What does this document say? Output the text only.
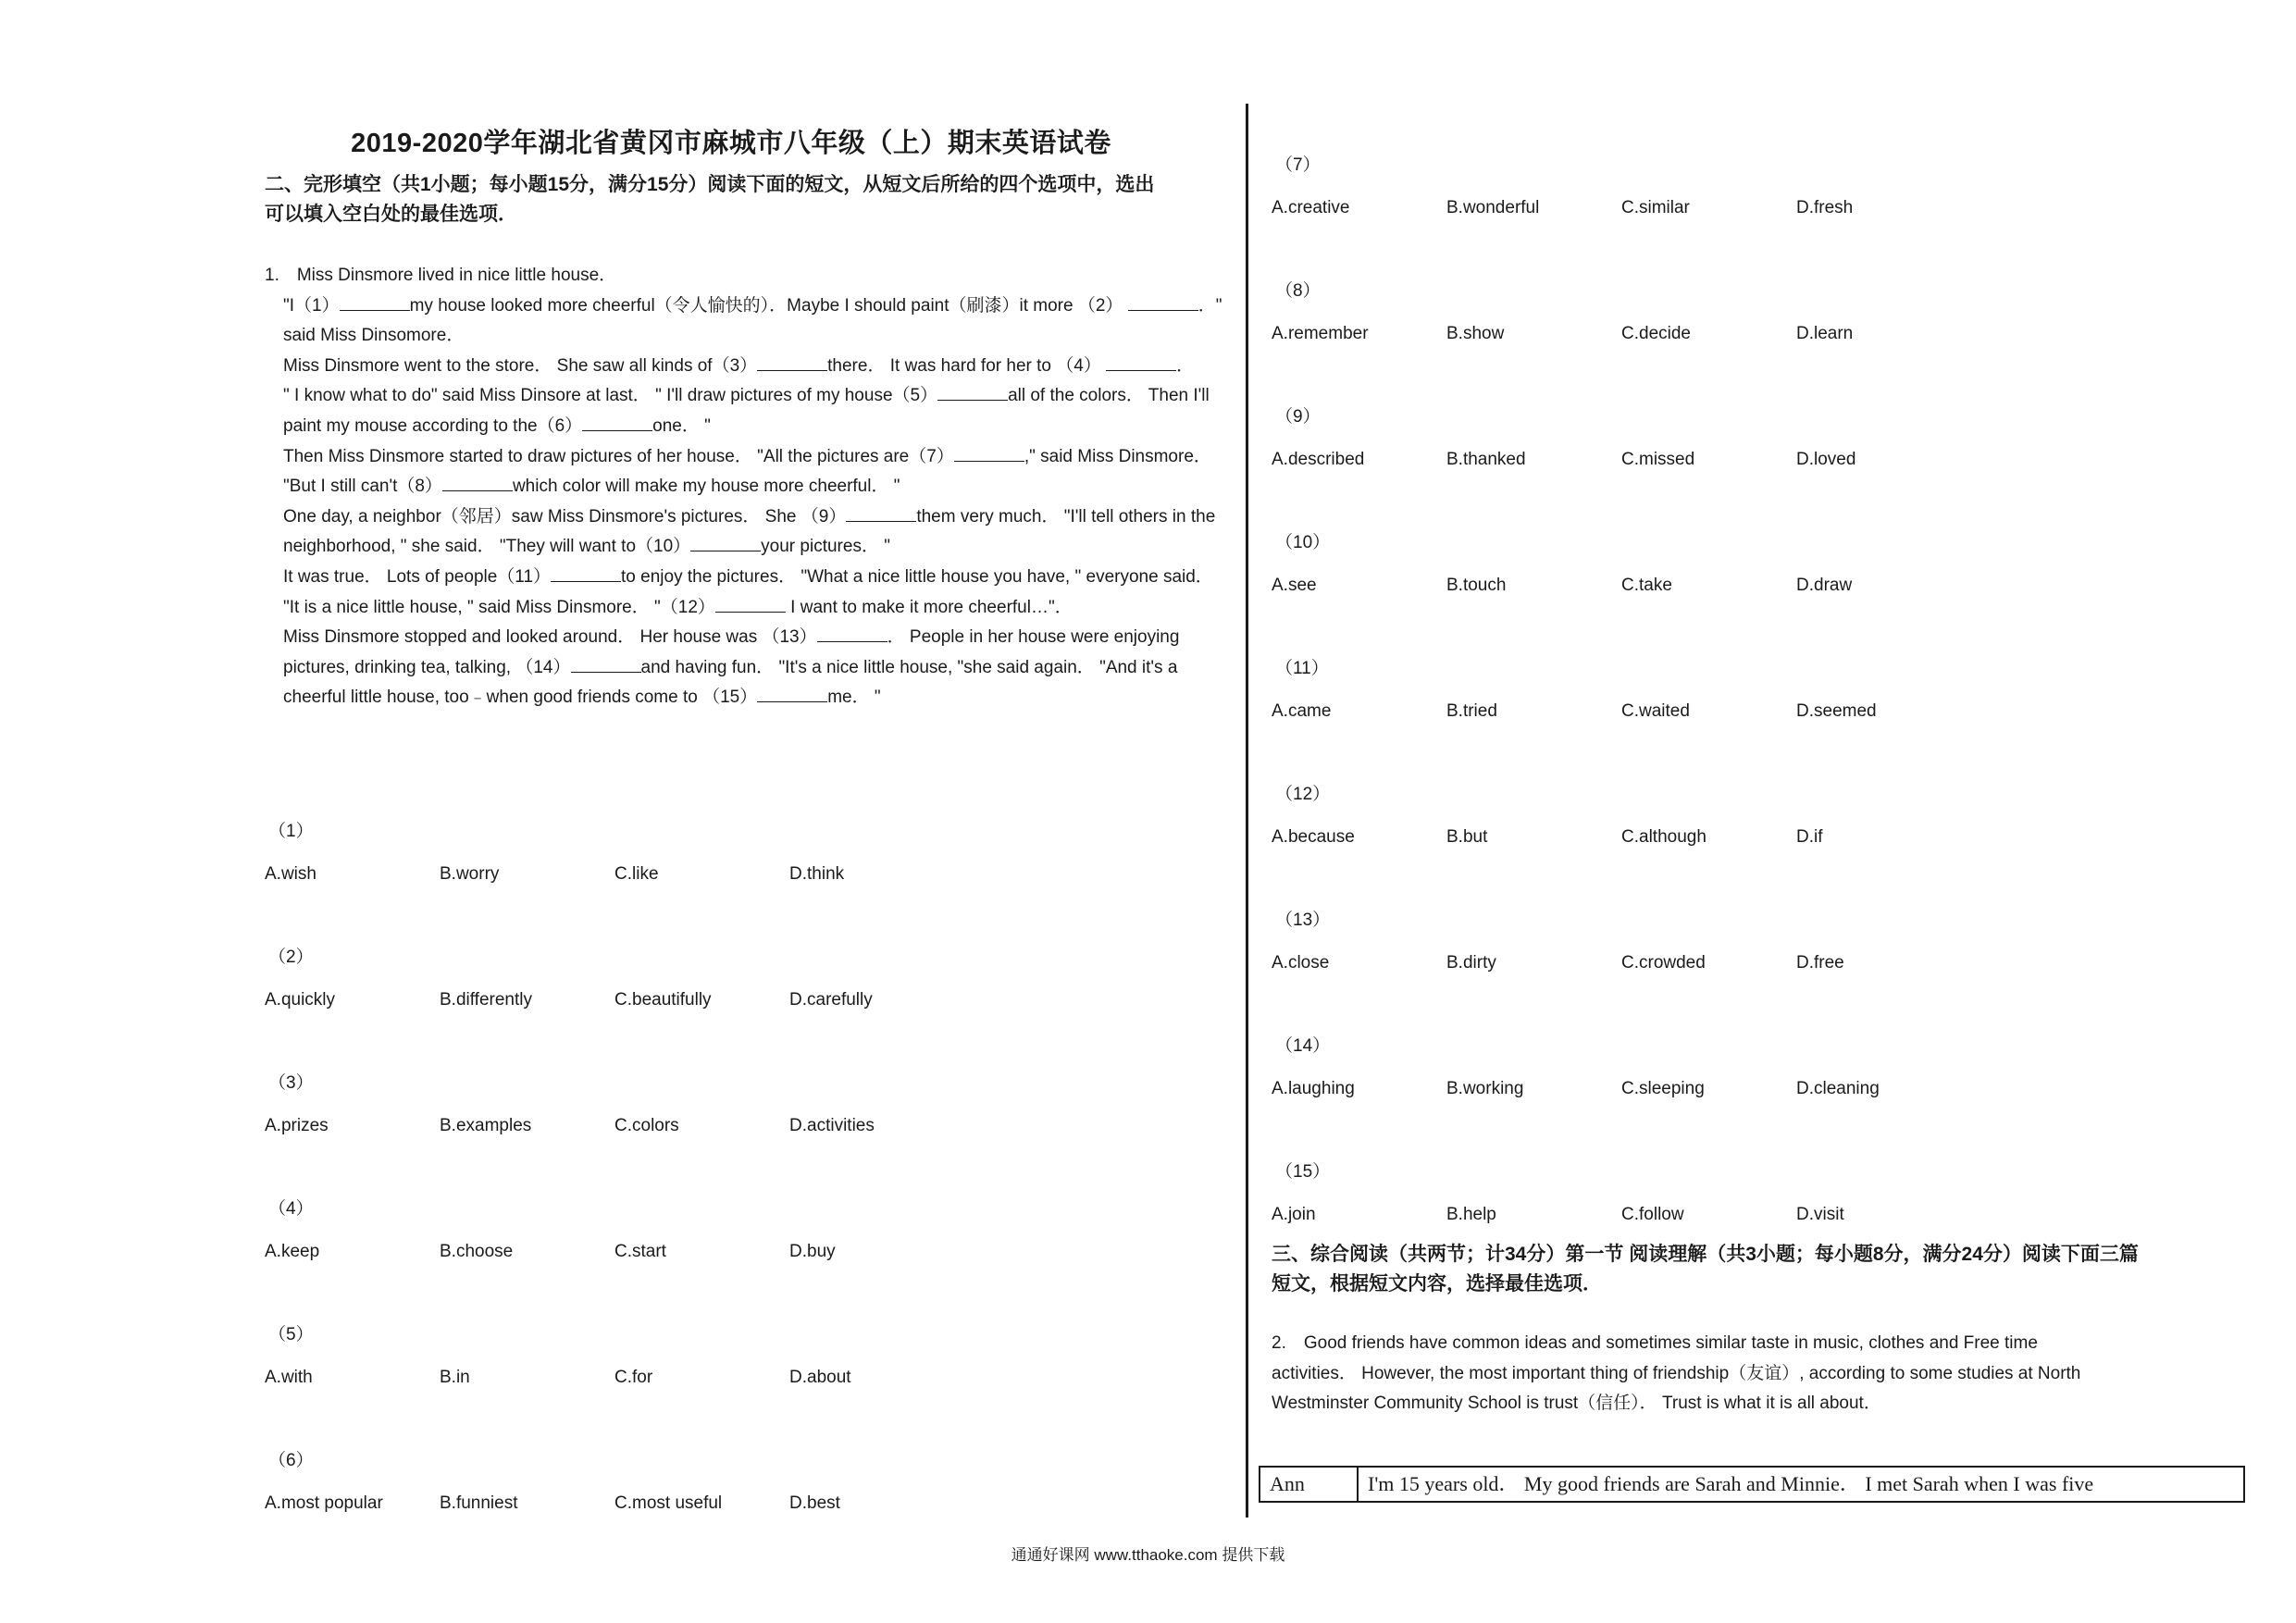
2019-2020学年湖北省黄冈市麻城市八年级（上）期末英语试卷
二、完形填空（共1小题；每小题15分，满分15分）阅读下面的短文，从短文后所给的四个选项中，选出
可以填入空白处的最佳选项．

1.　Miss Dinsmore lived in nice little house．

"I（1）	my house looked more cheerful（令人愉快的）．Maybe I should paint（刷漆）it more （2）	．" said Miss Dinsomore．

Miss Dinsmore went to the store． She saw all kinds of（3）	there． It was hard for her to （4）	．

" I know what to do" said Miss Dinsore at last． " I'll draw pictures of my house（5）	all of the colors． Then I'll paint my mouse according to the（6）	one． "

Then Miss Dinsmore started to draw pictures of her house． "All the pictures are（7）	," said Miss Dinsmore． "But I still can't（8）	which color will make my house more cheerful． "

One day, a neighbor（邻居）saw Miss Dinsmore's pictures． She （9）	them very much． "I'll tell others in the neighborhood, " she said． "They will want to（10）	your pictures． "

It was true． Lots of people（11）	to enjoy the pictures． "What a nice little house you have, " everyone said．

"It is a nice little house, " said Miss Dinsmore． "（12）	I want to make it more cheerful…"．

Miss Dinsmore stopped and looked around． Her house was （13）	． People in her house were enjoying pictures, drinking tea, talking, （14）	and having fun． "It's a nice little house, "she said again． "And it's a cheerful little house, too﹣when good friends come to （15）	me． "

（1）
A.wish	B.worry	C.like	D.think
（2）
A.quickly	B.differently	C.beautifully	D.carefully
（3）
A.prizes	B.examples	C.colors	D.activities
（4）
A.keep	B.choose	C.start	D.buy
（5）
A.with	B.in	C.for	D.about
（6）
A.most popular	B.funniest	C.most useful	D.best
（7）
A.creative	B.wonderful	C.similar	D.fresh
（8）
A.remember	B.show	C.decide	D.learn
（9）
A.described	B.thanked	C.missed	D.loved
（10）
A.see	B.touch	C.take	D.draw
（11）
A.came	B.tried	C.waited	D.seemed
（12）
A.because	B.but	C.although	D.if
（13）
A.close	B.dirty	C.crowded	D.free
（14）
A.laughing	B.working	C.sleeping	D.cleaning
（15）
A.join	B.help	C.follow	D.visit
三、综合阅读（共两节；计34分）第一节 阅读理解（共3小题；每小题8分，满分24分）阅读下面三篇
短文，根据短文内容，选择最佳选项．

2.　Good friends have common ideas and sometimes similar taste in music, clothes and Free time

activities． However, the most important thing of friendship（友谊）, according to some studies at North

Westminster Community School is trust（信任）． Trust is what it is all about．

Ann	I'm 15 years old． My good friends are Sarah and Minnie． I met Sarah when I was five
通通好课网 www.tthaoke.com 提供下载
